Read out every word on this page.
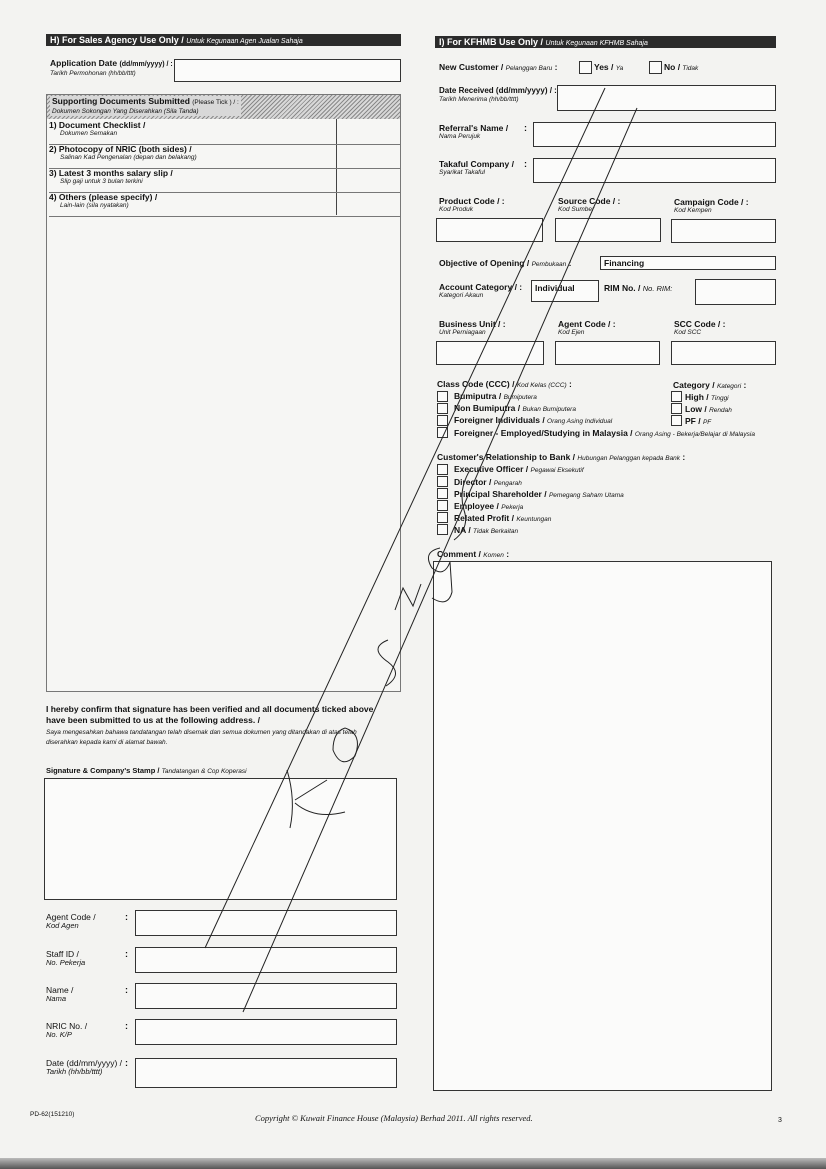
H) For Sales Agency Use Only / Untuk Kegunaan Agen Jualan Sahaja
Application Date (dd/mm/yyyy) / :
Tarikh Permohonan (hh/bb/tttt)
Supporting Documents Submitted (Please Tick ) / :
Dokumen Sokongan Yang Diserahkan (Sila Tanda)
1) Document Checklist /
Dokumen Semakan
2) Photocopy of NRIC (both sides) /
Salinan Kad Pengenalan (depan dan belakang)
3) Latest 3 months salary slip /
Slip gaji untuk 3 bulan terkini
4) Others (please specify) /
Lain-lain (sila nyatakan)
I hereby confirm that signature has been verified and all documents ticked above have been submitted to us at the following address. /
Saya mengesahkan bahawa tandatangan telah disemak dan semua dokumen yang ditandakan di atas telah diserahkan kepada kami di alamat bawah.
Signature & Company's Stamp / Tandatangan & Cop Koperasi
Agent Code /
Kod Agen
:
Staff ID /
No. Pekerja
:
Name /
Nama
:
NRIC No. /
No. K/P
:
Date (dd/mm/yyyy) /
Tarikh (hh/bb/tttt)
:
I) For KFHMB Use Only / Untuk Kegunaan KFHMB Sahaja
New Customer / Pelanggan Baru :	Yes / Ya	No / Tidak
Date Received (dd/mm/yyyy) / :
Tarikh Menerima (hh/bb/tttt)
Referral's Name /
Nama Perujuk
:
Takaful Company /
Syarikat Takaful
:
Product Code / :
Kod Produk
Source Code / :
Kod Sumber
Campaign Code / :
Kod Kempen
Objective of Opening / Pembukaan :	Financing
Account Category / :
Kategori Akaun
Individual	RIM No. / No. RIM:
Business Unit / :
Unit Perniagaan
Agent Code / :
Kod Ejen
SCC Code / :
Kod SCC
Class Code (CCC) / Kod Kelas (CCC) :
Bumiputra / Bumiputera
Non Bumiputra / Bukan Bumiputera
Foreigner Individuals / Orang Asing Individual
Foreigner - Employed/Studying in Malaysia / Orang Asing - Bekerja/Belajar di Malaysia
Category / Kategori :
High / Tinggi
Low / Rendah
PF / PF
Customer's Relationship to Bank / Hubungan Pelanggan kepada Bank :
Executive Officer / Pegawai Eksekutif
Director / Pengarah
Principal Shareholder / Pemegang Saham Utama
Employee / Pekerja
Related Profit / Keuntungan
NA / Tidak Berkaitan
Comment / Komen :
PD-62(151210)	Copyright © Kuwait Finance House (Malaysia) Berhad 2011. All rights reserved.	3
